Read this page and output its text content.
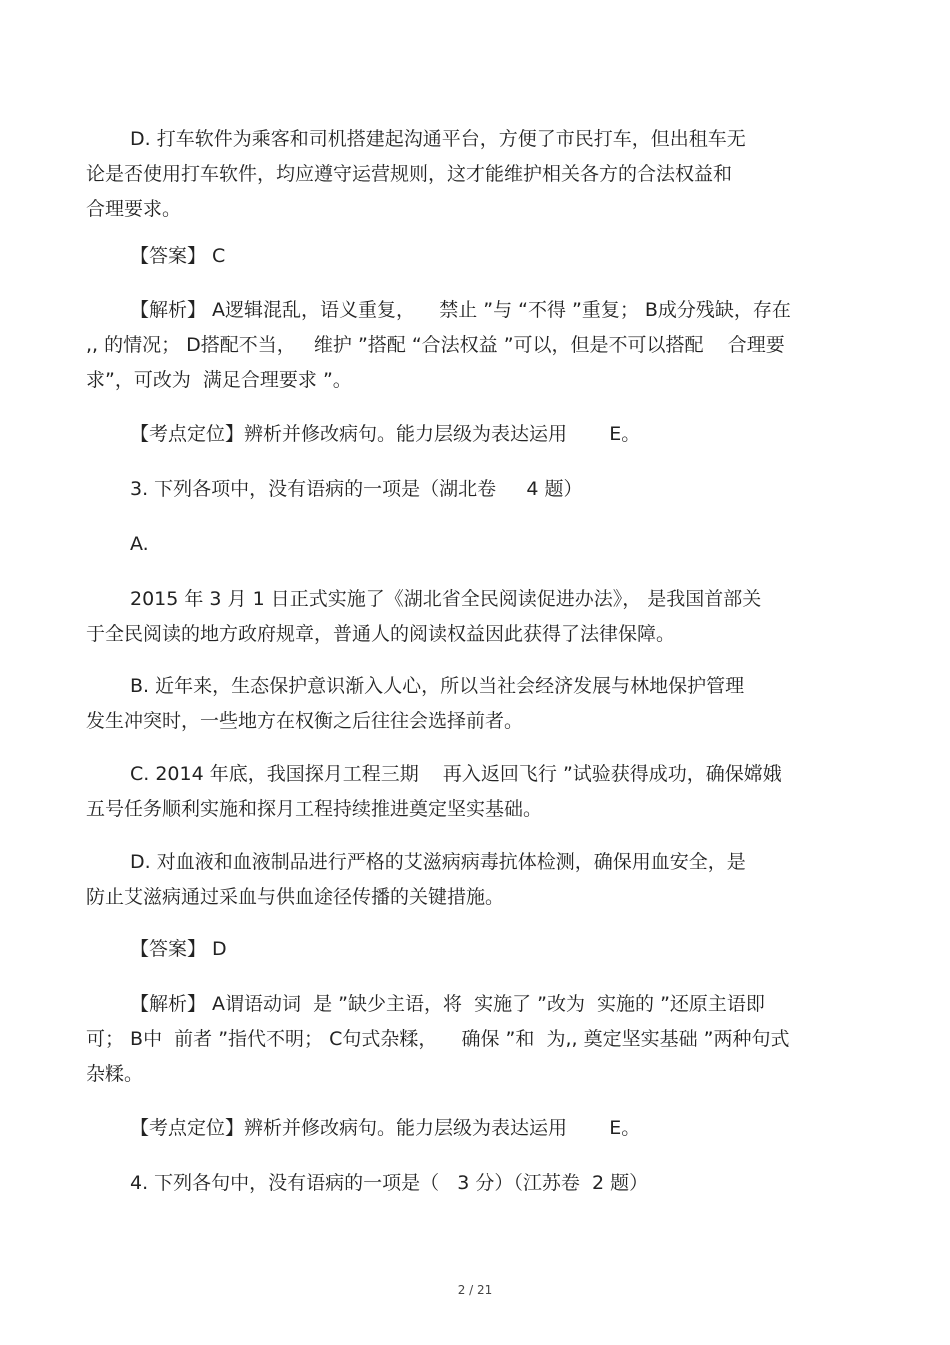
D. 打车软件为乘客和司机搭建起沟通平台，方便了市民打车，但出租车无
论是否使用打车软件，均应遵守运营规则，这才能维护相关各方的合法权益和
合理要求。
【答案】 C
【解析】 A逻辑混乱，语义重复，    禁止 ”与 “不得 ”重复； B成分残缺，存在
,, 的情况； D搭配不当，   维护 ”搭配 “合法权益 ”可以，但是不可以搭配    合理要
求”，可改为  满足合理要求 ”。
【考点定位】辨析并修改病句。能力层级为表达运用       E。
3. 下列各项中，没有语病的一项是（湖北卷     4 题）
A.
2015 年 3 月 1 日正式实施了《湖北省全民阅读促进办法》， 是我国首部关
于全民阅读的地方政府规章，普通人的阅读权益因此获得了法律保障。
B. 近年来，生态保护意识渐入人心，所以当社会经济发展与林地保护管理
发生冲突时，一些地方在权衡之后往往会选择前者。
C. 2014 年底，我国探月工程三期    再入返回飞行 ”试验获得成功，确保嫦娥
五号任务顺利实施和探月工程持续推进奠定坚实基础。
D. 对血液和血液制品进行严格的艾滋病病毒抗体检测，确保用血安全，是
防止艾滋病通过采血与供血途径传播的关键措施。
【答案】 D
【解析】 A谓语动词  是 ”缺少主语，将  实施了 ”改为  实施的 ”还原主语即
可； B中  前者 ”指代不明； C句式杂糅，    确保 ”和  为,, 奠定坚实基础 ”两种句式
杂糅。
【考点定位】辨析并修改病句。能力层级为表达运用       E。
4. 下列各句中，没有语病的一项是（   3 分）（江苏卷  2 题）
2 / 21
